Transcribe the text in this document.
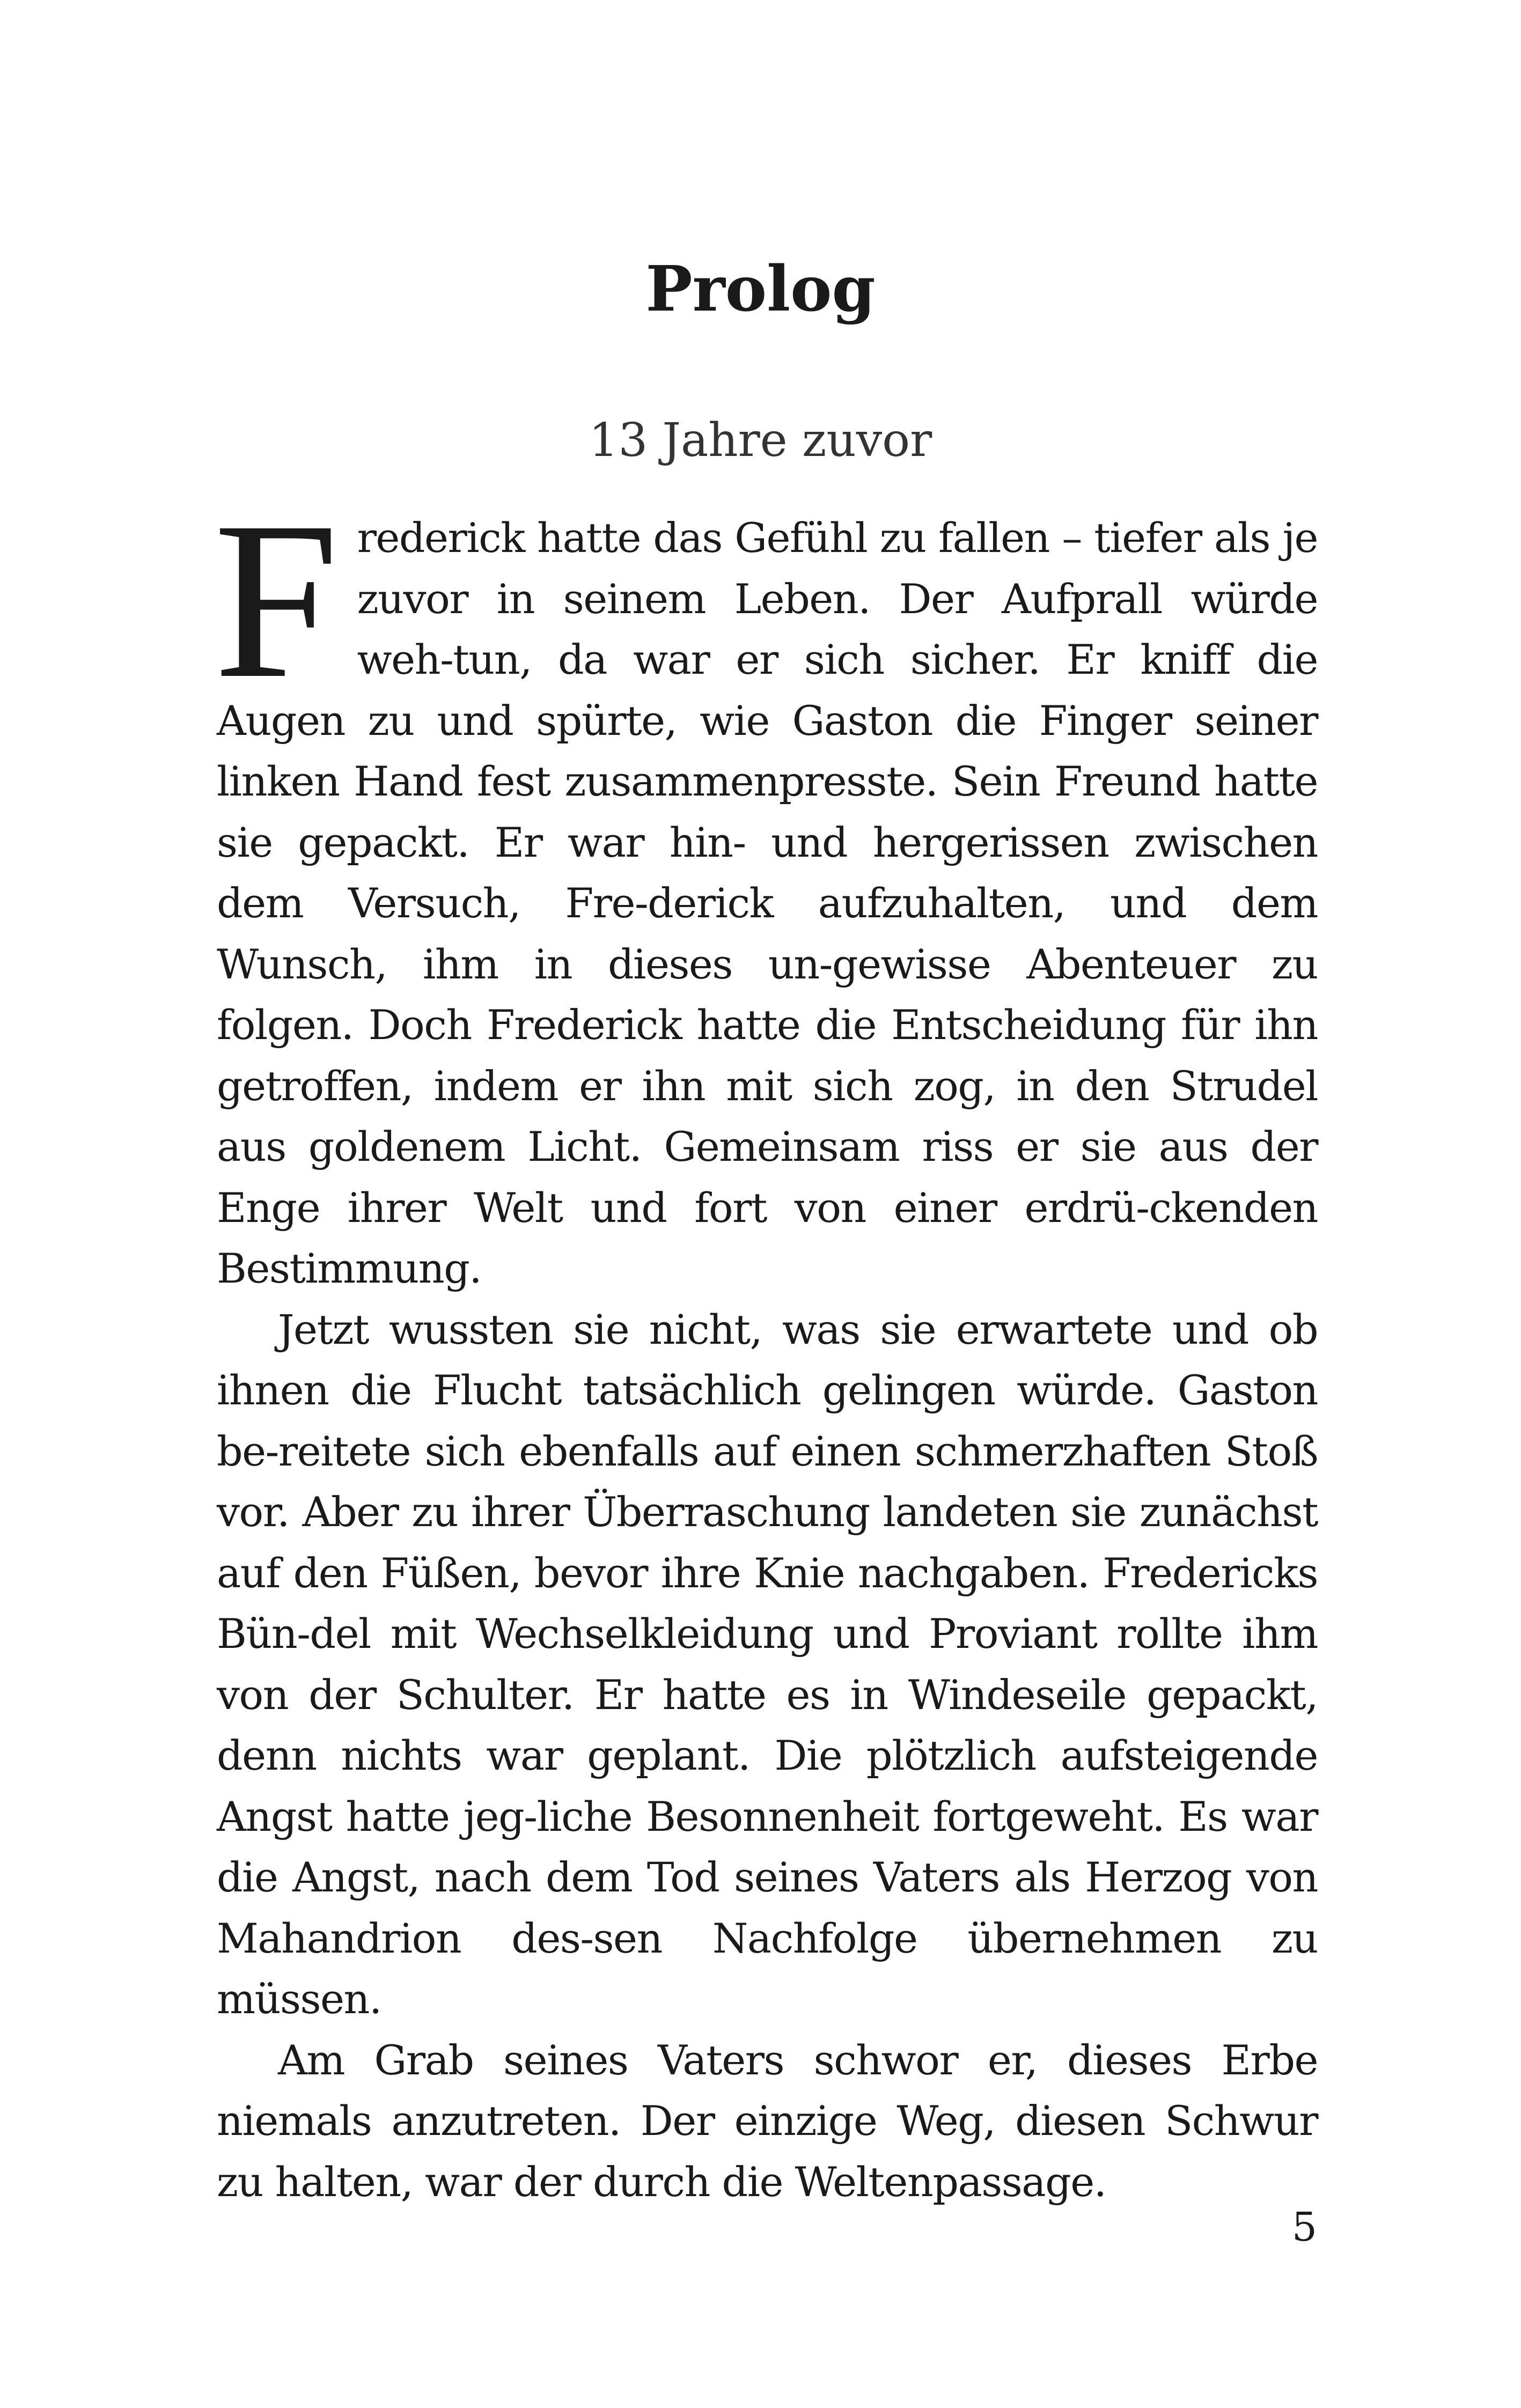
Prolog
13 Jahre zuvor

Frederick hatte das Gefühl zu fallen – tiefer als je zuvor in seinem Leben. Der Aufprall würde weh-tun, da war er sich sicher. Er kniff die Augen zu und spürte, wie Gaston die Finger seiner linken Hand fest zusammenpresste. Sein Freund hatte sie gepackt. Er war hin- und hergerissen zwischen dem Versuch, Fre-derick aufzuhalten, und dem Wunsch, ihm in dieses un-gewisse Abenteuer zu folgen. Doch Frederick hatte die Entscheidung für ihn getroffen, indem er ihn mit sich zog, in den Strudel aus goldenem Licht. Gemeinsam riss er sie aus der Enge ihrer Welt und fort von einer erdrü-ckenden Bestimmung.

Jetzt wussten sie nicht, was sie erwartete und ob ihnen die Flucht tatsächlich gelingen würde. Gaston be-reitete sich ebenfalls auf einen schmerzhaften Stoß vor. Aber zu ihrer Überraschung landeten sie zunächst auf den Füßen, bevor ihre Knie nachgaben. Fredericks Bün-del mit Wechselkleidung und Proviant rollte ihm von der Schulter. Er hatte es in Windeseile gepackt, denn nichts war geplant. Die plötzlich aufsteigende Angst hatte jeg-liche Besonnenheit fortgeweht. Es war die Angst, nach dem Tod seines Vaters als Herzog von Mahandrion des-sen Nachfolge übernehmen zu müssen.

Am Grab seines Vaters schwor er, dieses Erbe niemals anzutreten. Der einzige Weg, diesen Schwur zu halten, war der durch die Weltenpassage.

5
